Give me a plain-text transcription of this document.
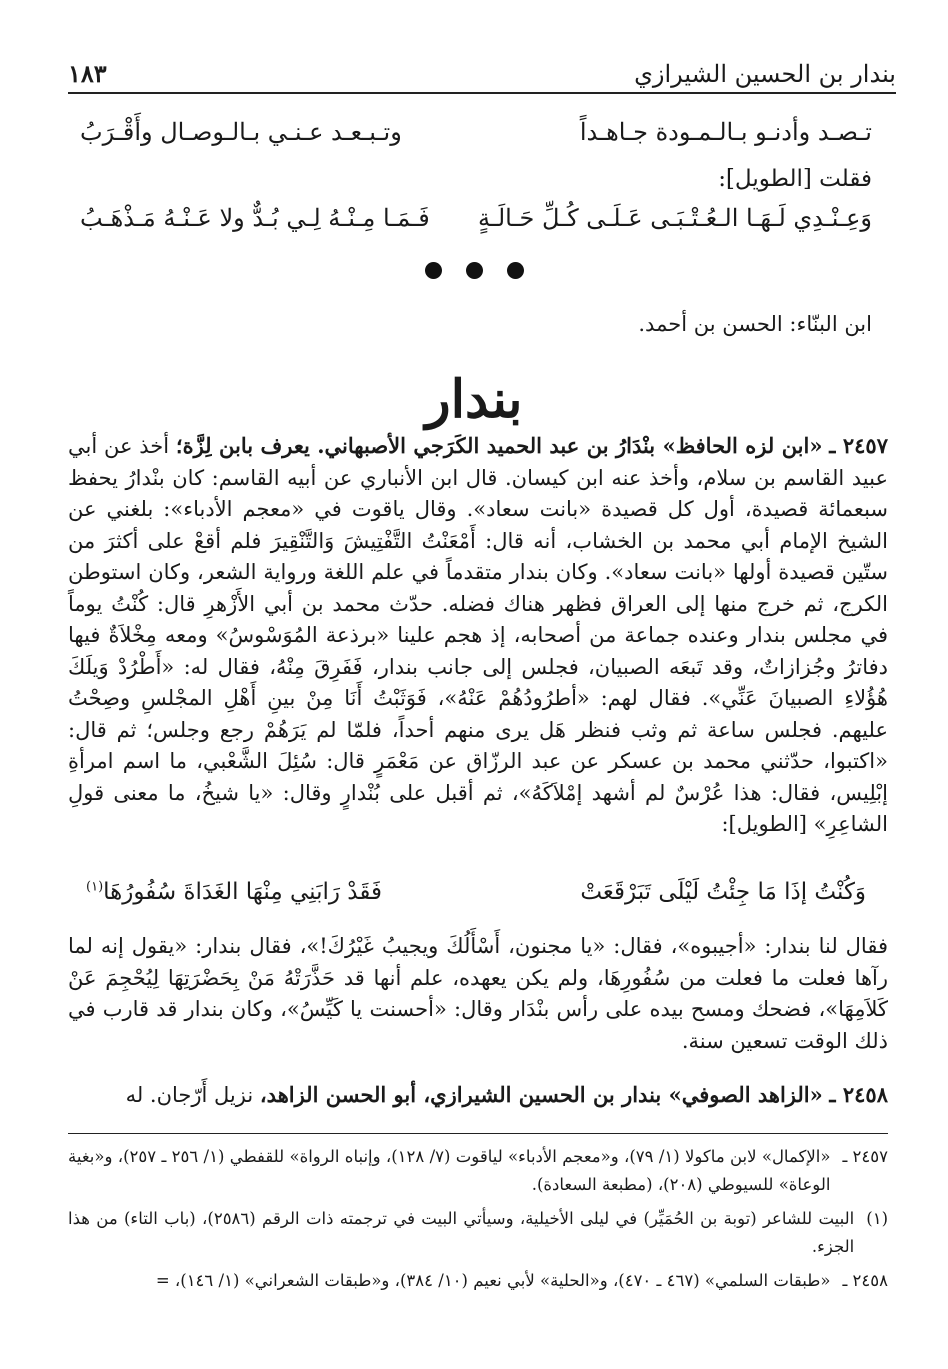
بندار بن الحسين الشيرازي
١٨٣
تـصـد وأدنـو بـالـمـودة جـاهـداً
وتـبـعـد عـنـي بـالـوصـال وأَقْـرَبُ
فقلت [الطويل]:
وَعِـنْـدِي لَـهَـا الـعُـتْـبَـى عَـلَـى كُـلِّ حَـالَـةٍ
فَـمَـا مِـنْـهُ لِـي بُـدٌّ ولا عَـنْـهُ مَـذْهَـبُ
ابن البنّاء: الحسن بن أحمد.
بندار

٢٤٥٧ ـ «ابن لزه الحافظ» بنْدَارُ بن عبد الحميد الكَرَجي الأصبهاني. يعرف بابن لِزَّة؛ أخذ عن أبي عبيد القاسم بن سلام، وأخذ عنه ابن كيسان. قال ابن الأنباري عن أبيه القاسم: كان بنْدارُ يحفظ سبعمائة قصيدة، أول كل قصيدة «بانت سعاد». وقال ياقوت في «معجم الأدباء»: بلغني عن الشيخ الإمام أبي محمد بن الخشاب، أنه قال: أَمْعَنْتُ التَّفْتِيشَ وَالتَّنْقِيرَ فلم أقعْ على أكثرَ من ستّين قصيدة أولها «بانت سعاد». وكان بندار متقدماً في علم اللغة ورواية الشعر، وكان استوطن الكرج، ثم خرج منها إلى العراق فظهر هناك فضله. حدّث محمد بن أبي الأَزْهرِ قال: كُنْتُ يوماً في مجلس بندار وعنده جماعة من أصحابه، إذ هجم علينا «برذعة المُوَسْوسُ» ومعه مِخْلاَةٌ فيها دفاترُ وجُزازاتٌ، وقد تَبعَه الصبيان، فجلس إلى جانب بندار، فَفَرِقَ مِنْهُ، فقال له: «أَطْرُدْ وَيلَكَ هُؤُلاءِ الصبيانَ عَنِّي». فقال لهم: «أطرُودُهُمْ عَنْهُ»، فَوَثَبْتُ أَنَا مِنْ بينِ أَهْلِ المجْلسِ وصِحْتُ عليهم. فجلس ساعة ثم وثب فنظر هَل يرى منهم أحداً، فلمّا لم يَرَهُمْ رجع وجلس؛ ثم قال: «اكتبوا، حدّثني محمد بن عسكر عن عبد الرزّاق عن مَعْمَرٍ قال: سُئِلَ الشَّعْبي، ما اسم امرأةِ إبْلِيس، فقال: هذا عُرْسٌ لم أشهد إمْلاَكَهُ»، ثم أقبل على بُنْدارٍ وقال: «يا شيخُ، ما معنى قولِ الشاعِرِ» [الطويل]:

وَكُنْتُ إذَا مَا جِئْتُ لَيْلَى تَبَرْقَعَتْ
فَقَدْ رَابَنِي مِنْهَا الغَدَاةَ سُفُورُهَا$^{(١)}$

فقال لنا بندار: «أجيبوه»، فقال: «يا مجنون، أَسْأَلُكَ ويجيبُ غَيْرُكَ!»، فقال بندار: «يقول إنه لما رآها فعلت ما فعلت من سُفُورِهَا، ولم يكن يعهده، علم أنها قد حَذَّرَتْهُ مَنْ بِحَضْرَتِهَا لِيُحْجِمَ عَنْ كَلاَمِهَا»، فضحك ومسح بيده على رأس بنْدَار وقال: «أحسنت يا كَيِّسُ»، وكان بندار قد قارب في ذلك الوقت تسعين سنة.

٢٤٥٨ ـ «الزاهد الصوفي» بندار بن الحسين الشيرازي، أبو الحسن الزاهد، نزيل أَرّجان. له
٢٤٥٧ ـ
«الإكمال» لابن ماكولا (١/ ٧٩)، و«معجم الأدباء» لياقوت (٧/ ١٢٨)، وإنباه الرواة» للقفطي (١/ ٢٥٦ ـ ٢٥٧)، و«بغية الوعاة» للسيوطي (٢٠٨)، (مطبعة السعادة).
(١)
البيت للشاعر (توبة بن الحُمَيِّر) في ليلى الأخيلية، وسيأتي البيت في ترجمته ذات الرقم (٢٥٨٦)، (باب التاء) من هذا الجزء.
٢٤٥٨ ـ
«طبقات السلمي» (٤٦٧ ـ ٤٧٠)، و«الحلية» لأبي نعيم (١٠/ ٣٨٤)، و«طبقات الشعراني» (١/ ١٤٦)، =
